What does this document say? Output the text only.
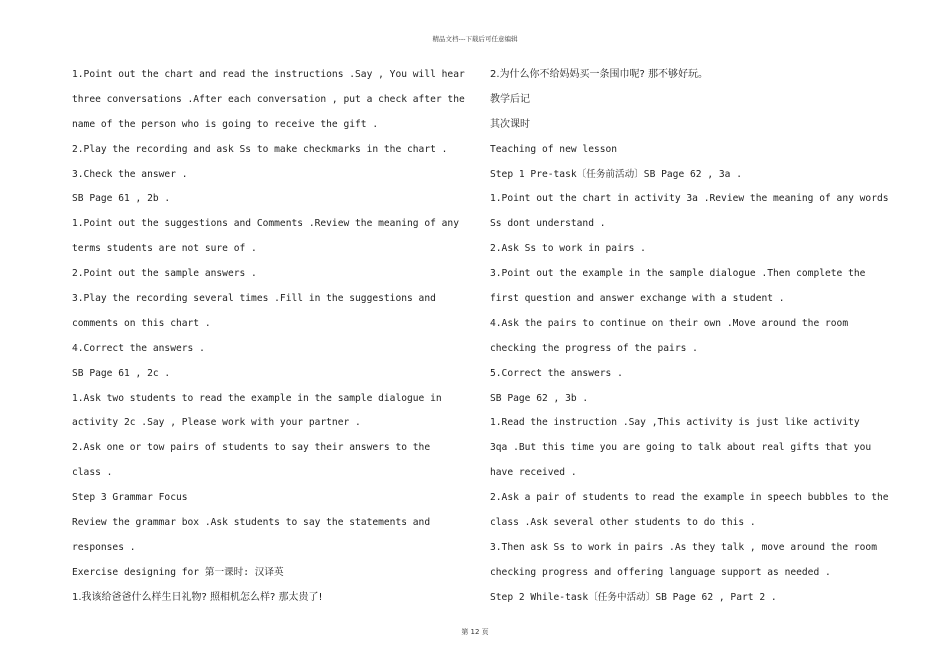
精品文档---下载后可任意编辑
1.Point out the chart and read the instructions .Say , You will hear
three conversations .After each conversation , put a check after the
name of the person who is going to receive the gift .
2.Play the recording and ask Ss to make checkmarks in the chart .
3.Check the answer .
SB Page 61 , 2b .
1.Point out the suggestions and Comments .Review the meaning of any
terms students are not sure of .
2.Point out the sample answers .
3.Play the recording several times .Fill in the suggestions and
comments on this chart .
4.Correct the answers .
SB Page 61 , 2c .
1.Ask two students to read the example in the sample dialogue in
activity 2c .Say , Please work with your partner .
2.Ask one or tow pairs of students to say their answers to the
class .
Step 3 Grammar Focus
Review the grammar box .Ask students to say the statements and
responses .
Exercise designing for 第一课时: 汉译英
1.我该给爸爸什么样生日礼物? 照相机怎么样? 那太贵了!
2.为什么你不给妈妈买一条围巾呢? 那不够好玩。
教学后记
其次课时
Teaching of new lesson
Step 1 Pre-task〔任务前活动〕SB Page 62 , 3a .
1.Point out the chart in activity 3a .Review the meaning of any words
Ss dont understand .
2.Ask Ss to work in pairs .
3.Point out the example in the sample dialogue .Then complete the
first question and answer exchange with a student .
4.Ask the pairs to continue on their own .Move around the room
checking the progress of the pairs .
5.Correct the answers .
SB Page 62 , 3b .
1.Read the instruction .Say ,This activity is just like activity
3qa .But this time you are going to talk about real gifts that you
have received .
2.Ask a pair of students to read the example in speech bubbles to the
class .Ask several other students to do this .
3.Then ask Ss to work in pairs .As they talk , move around the room
checking progress and offering language support as needed .
Step 2 While-task〔任务中活动〕SB Page 62 , Part 2 .
第 12 页
